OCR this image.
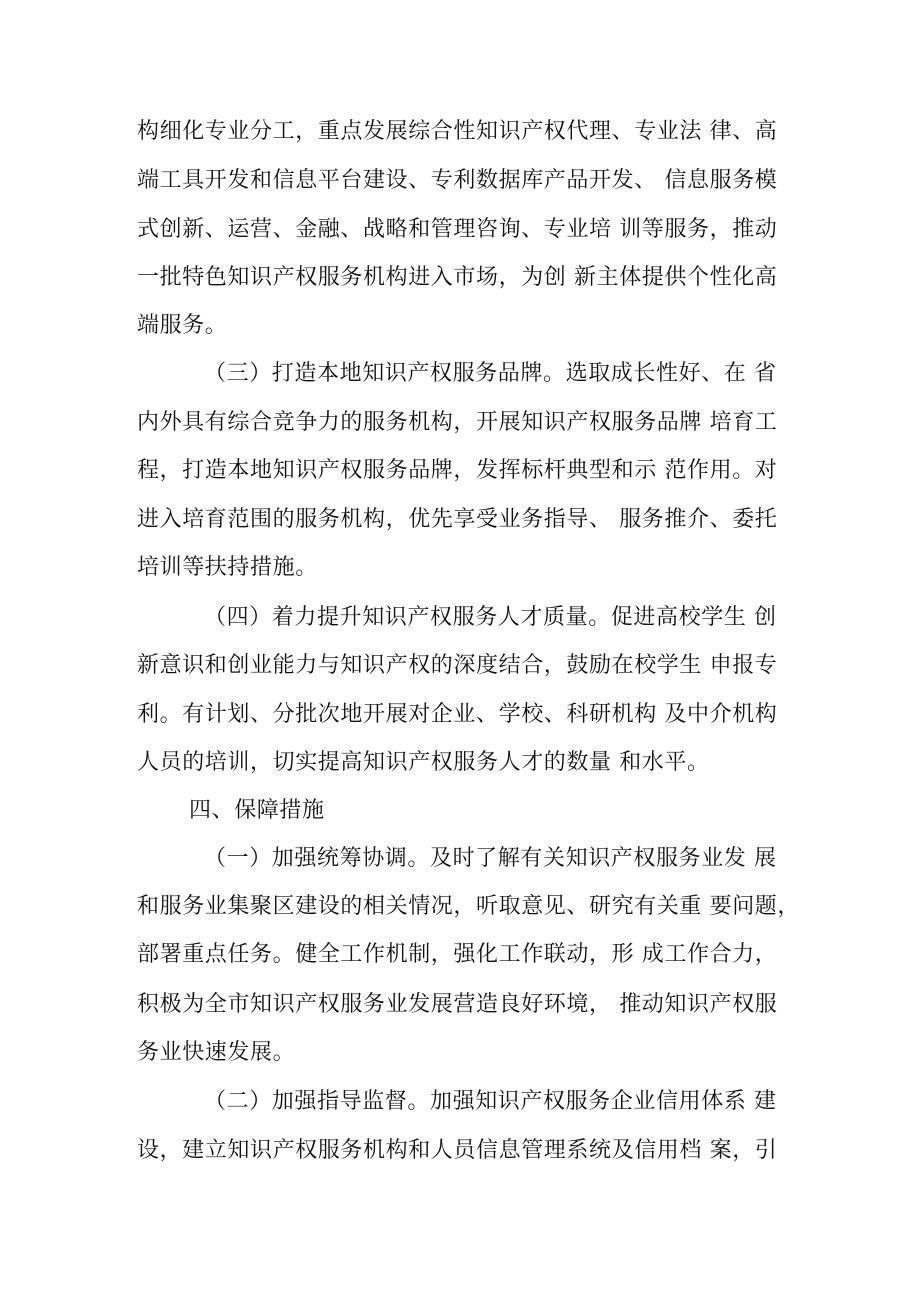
构细化专业分工，重点发展综合性知识产权代理、专业法 律、高
端工具开发和信息平台建设、专利数据库产品开发、 信息服务模
式创新、运营、金融、战略和管理咨询、专业培 训等服务，推动
一批特色知识产权服务机构进入市场，为创 新主体提供个性化高
端服务。
（三）打造本地知识产权服务品牌。选取成长性好、在 省
内外具有综合竞争力的服务机构，开展知识产权服务品牌 培育工
程，打造本地知识产权服务品牌，发挥标杆典型和示 范作用。对
进入培育范围的服务机构，优先享受业务指导、 服务推介、委托
培训等扶持措施。
（四）着力提升知识产权服务人才质量。促进高校学生 创
新意识和创业能力与知识产权的深度结合，鼓励在校学生 申报专
利。有计划、分批次地开展对企业、学校、科研机构 及中介机构
人员的培训，切实提高知识产权服务人才的数量 和水平。
四、保障措施
（一）加强统筹协调。及时了解有关知识产权服务业发 展
和服务业集聚区建设的相关情况，听取意见、研究有关重 要问题，
部署重点任务。健全工作机制，强化工作联动，形 成工作合力，
积极为全市知识产权服务业发展营造良好环境， 推动知识产权服
务业快速发展。
（二）加强指导监督。加强知识产权服务企业信用体系 建
设，建立知识产权服务机构和人员信息管理系统及信用档 案，引
